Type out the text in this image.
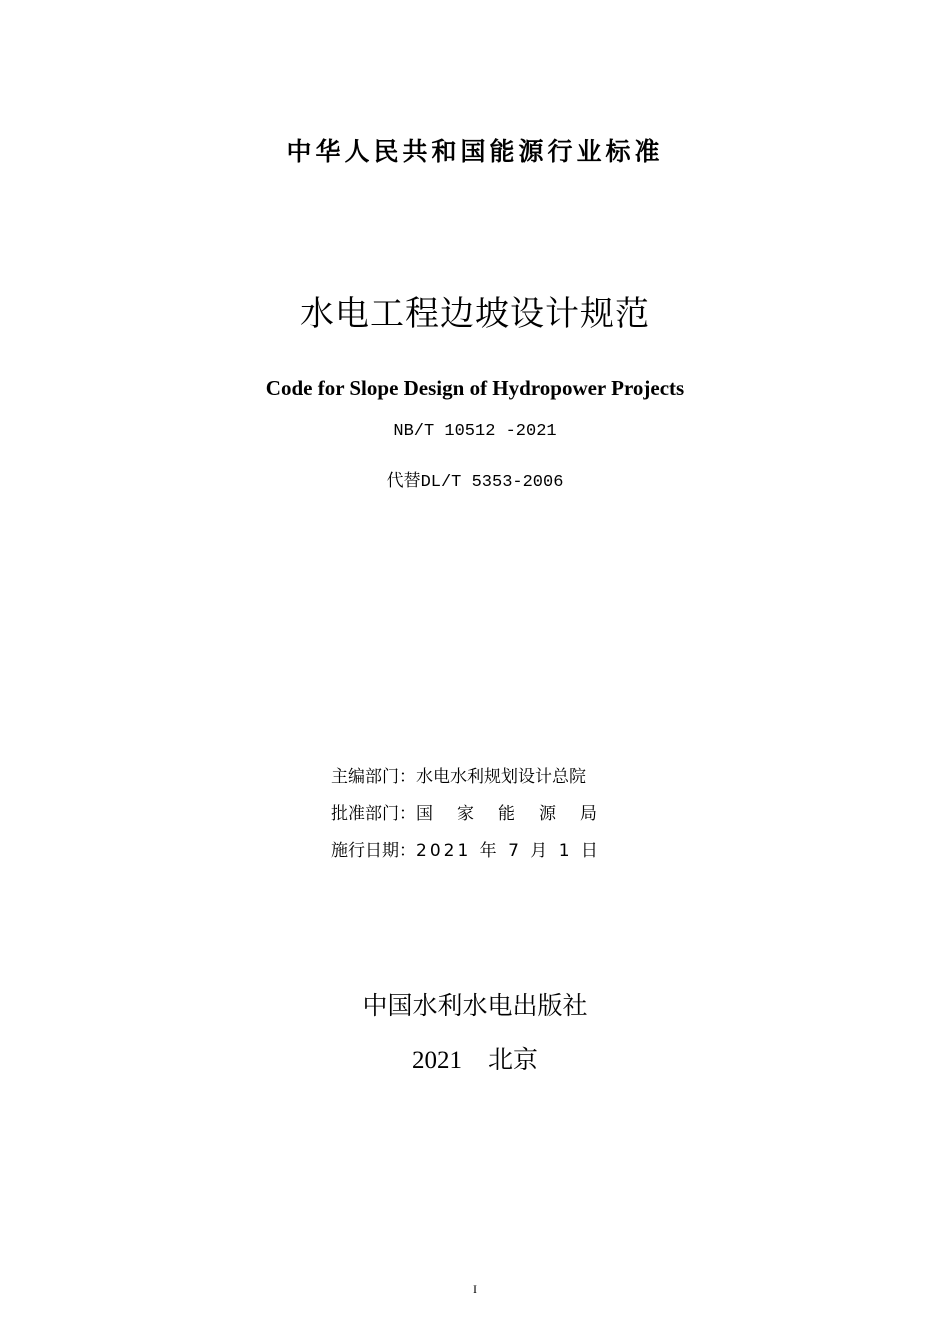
中华人民共和国能源行业标准
水电工程边坡设计规范
Code for Slope Design of Hydropower Projects
NB/T 10512 -2021
代替DL/T 5353-2006
主编部门：水电水利规划设计总院
批准部门：国家能源局
施行日期：2021 年 7 月 1 日
中国水利水电出版社
2021 北京
I
